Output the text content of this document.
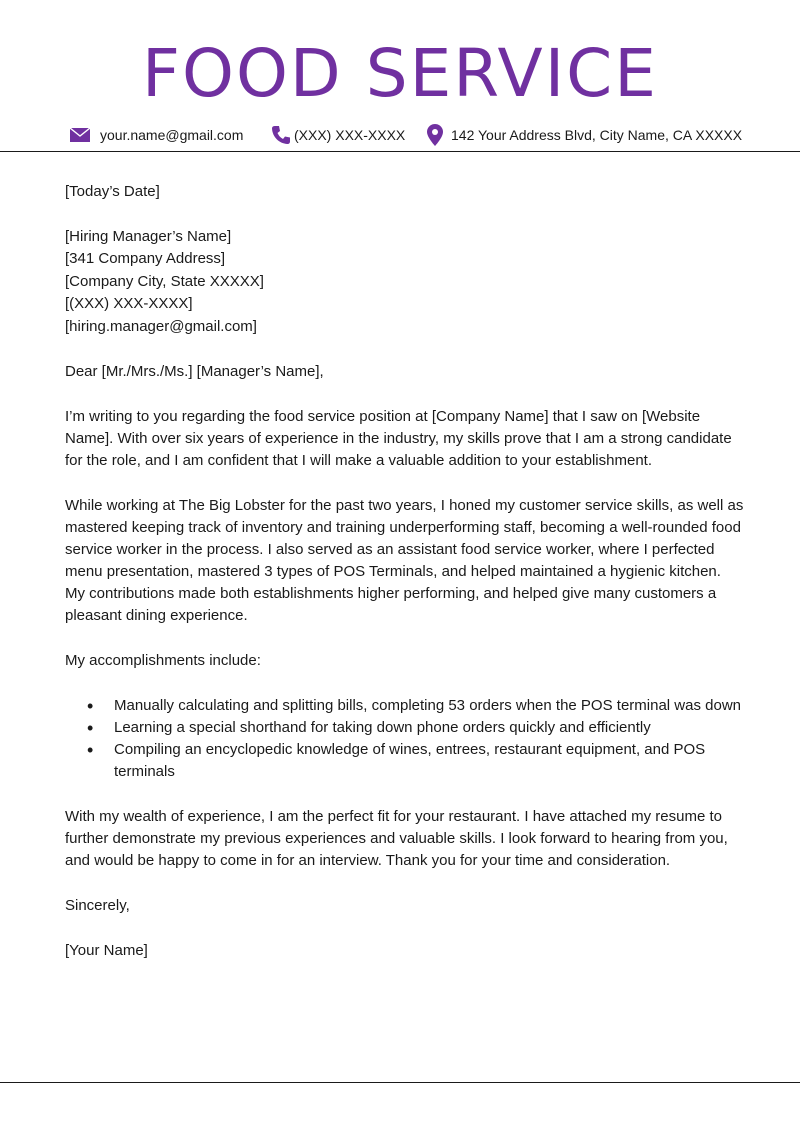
FOOD SERVICE
your.name@gmail.com	(XXX) XXX-XXXX	142 Your Address Blvd, City Name, CA XXXXX

[Today’s Date]

[Hiring Manager’s Name]
[341 Company Address]
[Company City, State XXXXX]
[(XXX) XXX-XXXX]
[hiring.manager@gmail.com]

Dear [Mr./Mrs./Ms.] [Manager’s Name],

I’m writing to you regarding the food service position at [Company Name] that I saw on [Website Name]. With over six years of experience in the industry, my skills prove that I am a strong candidate for the role, and I am confident that I will make a valuable addition to your establishment.

While working at The Big Lobster for the past two years, I honed my customer service skills, as well as mastered keeping track of inventory and training underperforming staff, becoming a well-rounded food service worker in the process. I also served as an assistant food service worker, where I perfected menu presentation, mastered 3 types of POS Terminals, and helped maintained a hygienic kitchen. My contributions made both establishments higher performing, and helped give many customers a pleasant dining experience.

My accomplishments include:

• Manually calculating and splitting bills, completing 53 orders when the POS terminal was down
• Learning a special shorthand for taking down phone orders quickly and efficiently
• Compiling an encyclopedic knowledge of wines, entrees, restaurant equipment, and POS terminals

With my wealth of experience, I am the perfect fit for your restaurant. I have attached my resume to further demonstrate my previous experiences and valuable skills. I look forward to hearing from you, and would be happy to come in for an interview. Thank you for your time and consideration.

Sincerely,

[Your Name]
